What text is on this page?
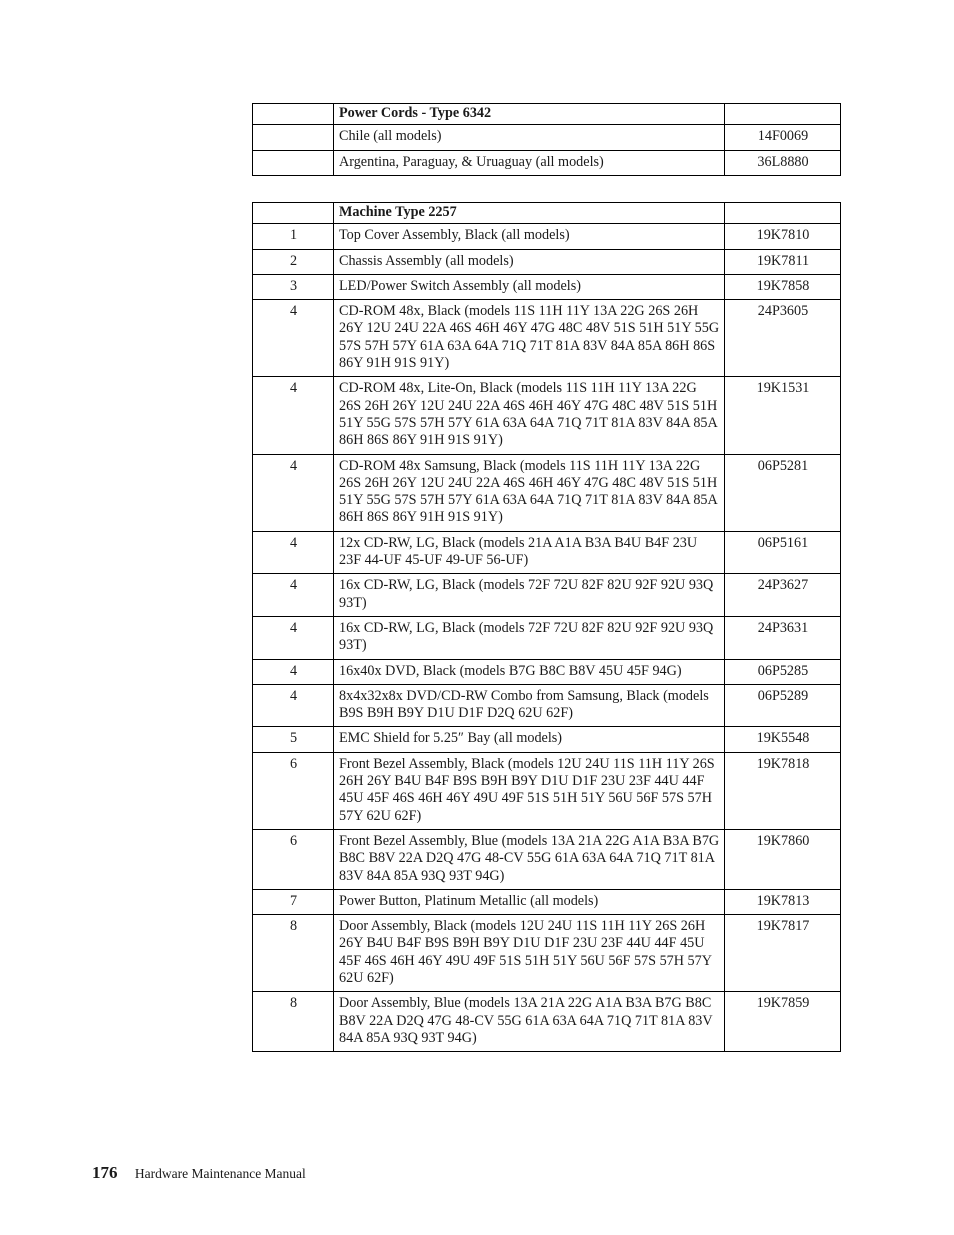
	Power Cords - Type 6342	
	Chile (all models)	14F0069
	Argentina, Paraguay, & Uruaguay (all models)	36L8880
	Machine Type 2257	
1	Top Cover Assembly, Black (all models)	19K7810
2	Chassis Assembly (all models)	19K7811
3	LED/Power Switch Assembly (all models)	19K7858
4	CD-ROM 48x, Black (models 11S 11H 11Y 13A 22G 26S 26H 26Y 12U 24U 22A 46S 46H 46Y 47G 48C 48V 51S 51H 51Y 55G 57S 57H 57Y 61A 63A 64A 71Q 71T 81A 83V 84A 85A 86H 86S 86Y 91H 91S 91Y)	24P3605
4	CD-ROM 48x, Lite-On, Black (models 11S 11H 11Y 13A 22G 26S 26H 26Y 12U 24U 22A 46S 46H 46Y 47G 48C 48V 51S 51H 51Y 55G 57S 57H 57Y 61A 63A 64A 71Q 71T 81A 83V 84A 85A 86H 86S 86Y 91H 91S 91Y)	19K1531
4	CD-ROM 48x Samsung, Black (models 11S 11H 11Y 13A 22G 26S 26H 26Y 12U 24U 22A 46S 46H 46Y 47G 48C 48V 51S 51H 51Y 55G 57S 57H 57Y 61A 63A 64A 71Q 71T 81A 83V 84A 85A 86H 86S 86Y 91H 91S 91Y)	06P5281
4	12x CD-RW, LG, Black (models 21A A1A B3A B4U B4F 23U 23F 44-UF 45-UF 49-UF 56-UF)	06P5161
4	16x CD-RW, LG, Black (models 72F 72U 82F 82U 92F 92U 93Q 93T)	24P3627
4	16x CD-RW, LG, Black (models 72F 72U 82F 82U 92F 92U 93Q 93T)	24P3631
4	16x40x DVD, Black (models B7G B8C B8V 45U 45F 94G)	06P5285
4	8x4x32x8x DVD/CD-RW Combo from Samsung, Black (models B9S B9H B9Y D1U D1F D2Q 62U 62F)	06P5289
5	EMC Shield for 5.25″ Bay (all models)	19K5548
6	Front Bezel Assembly, Black (models 12U 24U 11S 11H 11Y 26S 26H 26Y B4U B4F B9S B9H B9Y D1U D1F 23U 23F 44U 44F 45U 45F 46S 46H 46Y 49U 49F 51S 51H 51Y 56U 56F 57S 57H 57Y 62U 62F)	19K7818
6	Front Bezel Assembly, Blue (models 13A 21A 22G A1A B3A B7G B8C B8V 22A D2Q 47G 48-CV 55G 61A 63A 64A 71Q 71T 81A 83V 84A 85A 93Q 93T 94G)	19K7860
7	Power Button, Platinum Metallic (all models)	19K7813
8	Door Assembly, Black (models 12U 24U 11S 11H 11Y 26S 26H 26Y B4U B4F B9S B9H B9Y D1U D1F 23U 23F 44U 44F 45U 45F 46S 46H 46Y 49U 49F 51S 51H 51Y 56U 56F 57S 57H 57Y 62U 62F)	19K7817
8	Door Assembly, Blue (models 13A 21A 22G A1A B3A B7G B8C B8V 22A D2Q 47G 48-CV 55G 61A 63A 64A 71Q 71T 81A 83V 84A 85A 93Q 93T 94G)	19K7859
176 Hardware Maintenance Manual
